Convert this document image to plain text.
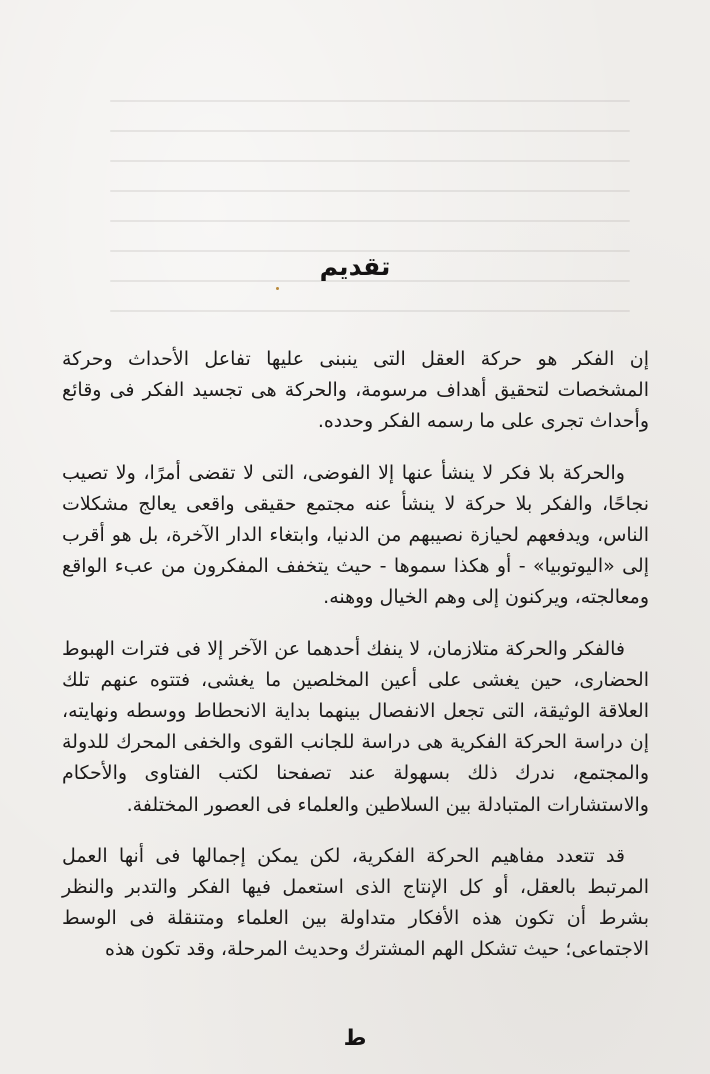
تقديم

إن الفكر هو حركة العقل التى ينبنى عليها تفاعل الأحداث وحركة المشخصات لتحقيق أهداف مرسومة، والحركة هى تجسيد الفكر فى وقائع وأحداث تجرى على ما رسمه الفكر وحدده.

والحركة بلا فكر لا ينشأ عنها إلا الفوضى، التى لا تقضى أمرًا، ولا تصيب نجاحًا، والفكر بلا حركة لا ينشأ عنه مجتمع حقيقى واقعى يعالج مشكلات الناس، ويدفعهم لحيازة نصيبهم من الدنيا، وابتغاء الدار الآخرة، بل هو أقرب إلى «اليوتوبيا» - أو هكذا سموها - حيث يتخفف المفكرون من عبء الواقع ومعالجته، ويركنون إلى وهم الخيال ووهنه.

فالفكر والحركة متلازمان، لا ينفك أحدهما عن الآخر إلا فى فترات الهبوط الحضارى، حين يغشى على أعين المخلصين ما يغشى، فتتوه عنهم تلك العلاقة الوثيقة، التى تجعل الانفصال بينهما بداية الانحطاط ووسطه ونهايته، إن دراسة الحركة الفكرية هى دراسة للجانب القوى والخفى المحرك للدولة والمجتمع، ندرك ذلك بسهولة عند تصفحنا لكتب الفتاوى والأحكام والاستشارات المتبادلة بين السلاطين والعلماء فى العصور المختلفة.

قد تتعدد مفاهيم الحركة الفكرية، لكن يمكن إجمالها فى أنها العمل المرتبط بالعقل، أو كل الإنتاج الذى استعمل فيها الفكر والتدبر والنظر بشرط أن تكون هذه الأفكار متداولة بين العلماء ومتنقلة فى الوسط الاجتماعى؛ حيث تشكل الهم المشترك وحديث المرحلة، وقد تكون هذه

ط
